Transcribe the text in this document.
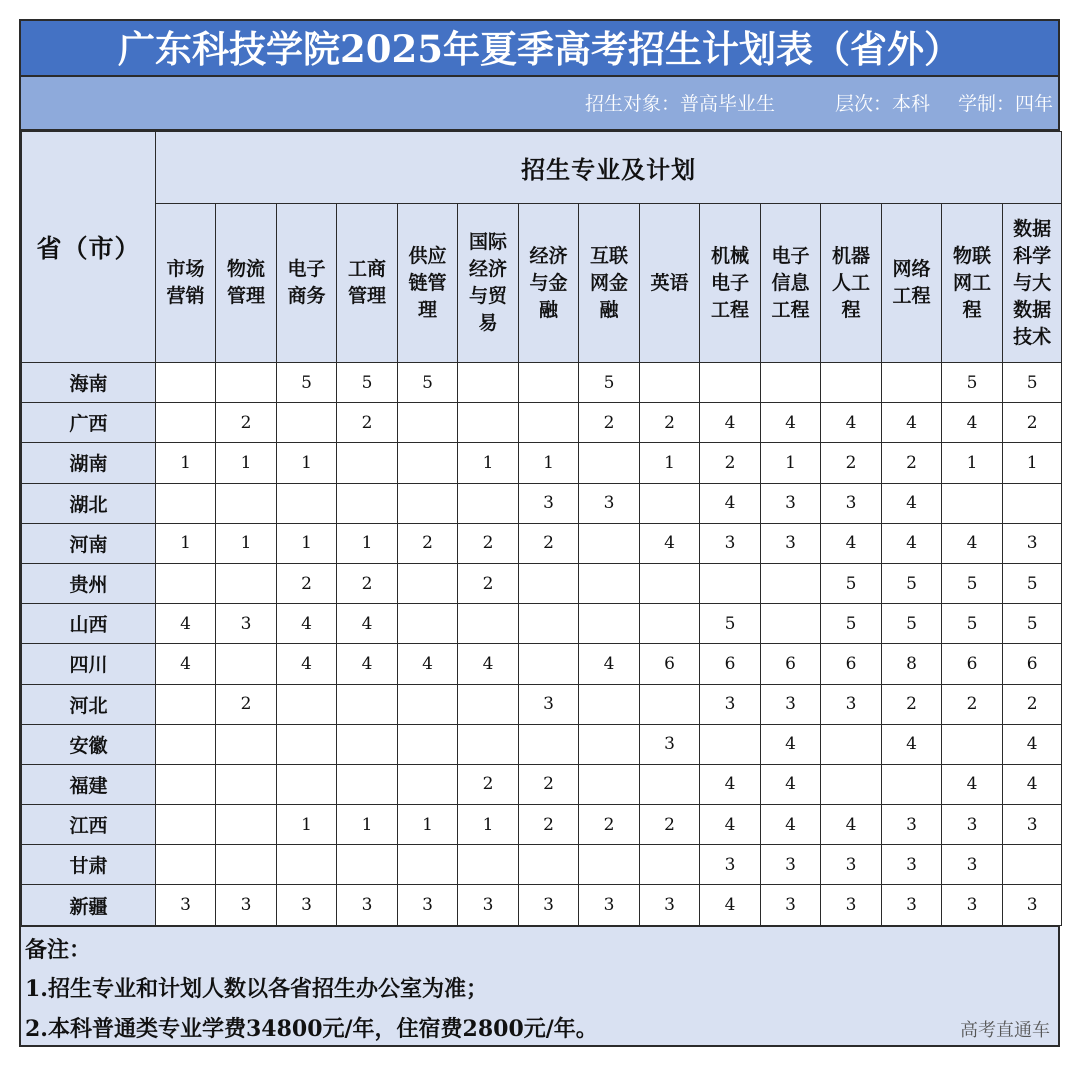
广东科技学院2025年夏季高考招生计划表（省外）
招生对象：普高毕业生	层次：本科 学制：四年
省（市）	招生专业及计划														
	市场营销	物流管理	电子商务	工商管理	供应链管理	国际经济与贸易	经济与金融	互联网金融	英语	机械电子工程	电子信息工程	机器人工程	网络工程	物联网工程	数据科学与大数据技术
海南			5	5	5			5						5	5
广西		2		2				2	2	4	4	4	4	4	2
湖南	1	1	1			1	1		1	2	1	2	2	1	1
湖北							3	3		4	3	3	4		
河南	1	1	1	1	2	2	2		4	3	3	4	4	4	3
贵州			2	2		2						5	5	5	5
山西	4	3	4	4						5		5	5	5	5
四川	4		4	4	4	4		4	6	6	6	6	8	6	6
河北		2					3			3	3	3	2	2	2
安徽									3		4		4		4
福建						2	2			4	4			4	4
江西			1	1	1	1	2	2	2	4	4	4	3	3	3
甘肃										3	3	3	3	3	
新疆	3	3	3	3	3	3	3	3	3	4	3	3	3	3	3
备注：
1.招生专业和计划人数以各省招生办公室为准；
2.本科普通类专业学费34800元/年，住宿费2800元/年。	高考直通车
